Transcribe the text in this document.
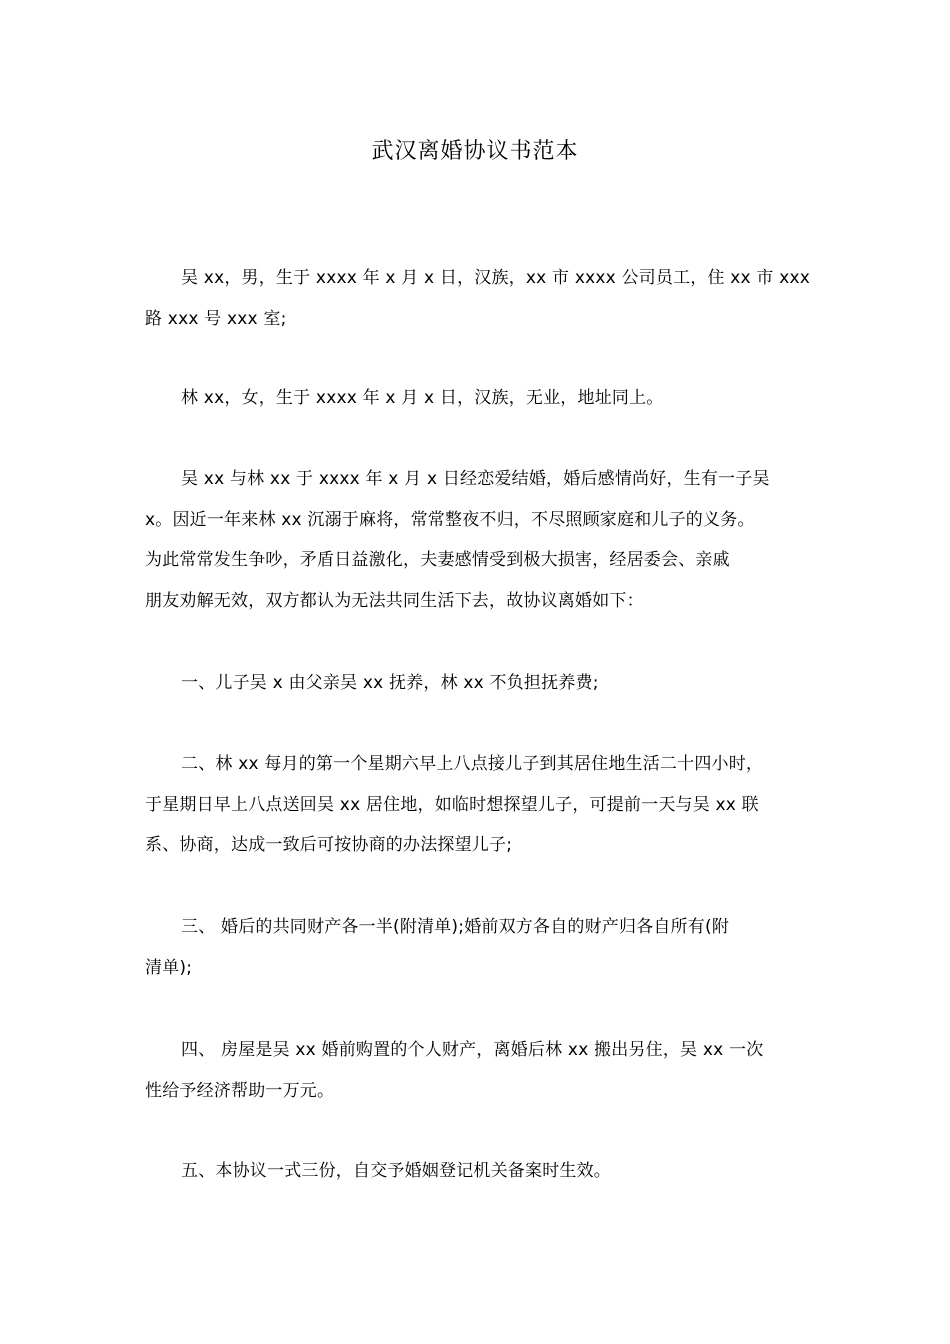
武汉离婚协议书范本
吴 xx，男，生于 xxxx 年 x 月 x 日，汉族，xx 市 xxxx 公司员工，住 xx 市 xxx
路 xxx 号 xxx 室;
林 xx，女，生于 xxxx 年 x 月 x 日，汉族，无业，地址同上。
吴 xx 与林 xx 于 xxxx 年 x 月 x 日经恋爱结婚，婚后感情尚好，生有一子吴
x。因近一年来林 xx 沉溺于麻将，常常整夜不归，不尽照顾家庭和儿子的义务。
为此常常发生争吵，矛盾日益激化，夫妻感情受到极大损害，经居委会、亲戚
朋友劝解无效，双方都认为无法共同生活下去，故协议离婚如下：
一、儿子吴 x 由父亲吴 xx 抚养，林 xx 不负担抚养费;
二、林 xx 每月的第一个星期六早上八点接儿子到其居住地生活二十四小时，
于星期日早上八点送回吴 xx 居住地，如临时想探望儿子，可提前一天与吴 xx 联
系、协商，达成一致后可按协商的办法探望儿子;
三、 婚后的共同财产各一半(附清单);婚前双方各自的财产归各自所有(附
清单);
四、 房屋是吴 xx 婚前购置的个人财产，离婚后林 xx 搬出另住，吴 xx 一次
性给予经济帮助一万元。
五、本协议一式三份，自交予婚姻登记机关备案时生效。
